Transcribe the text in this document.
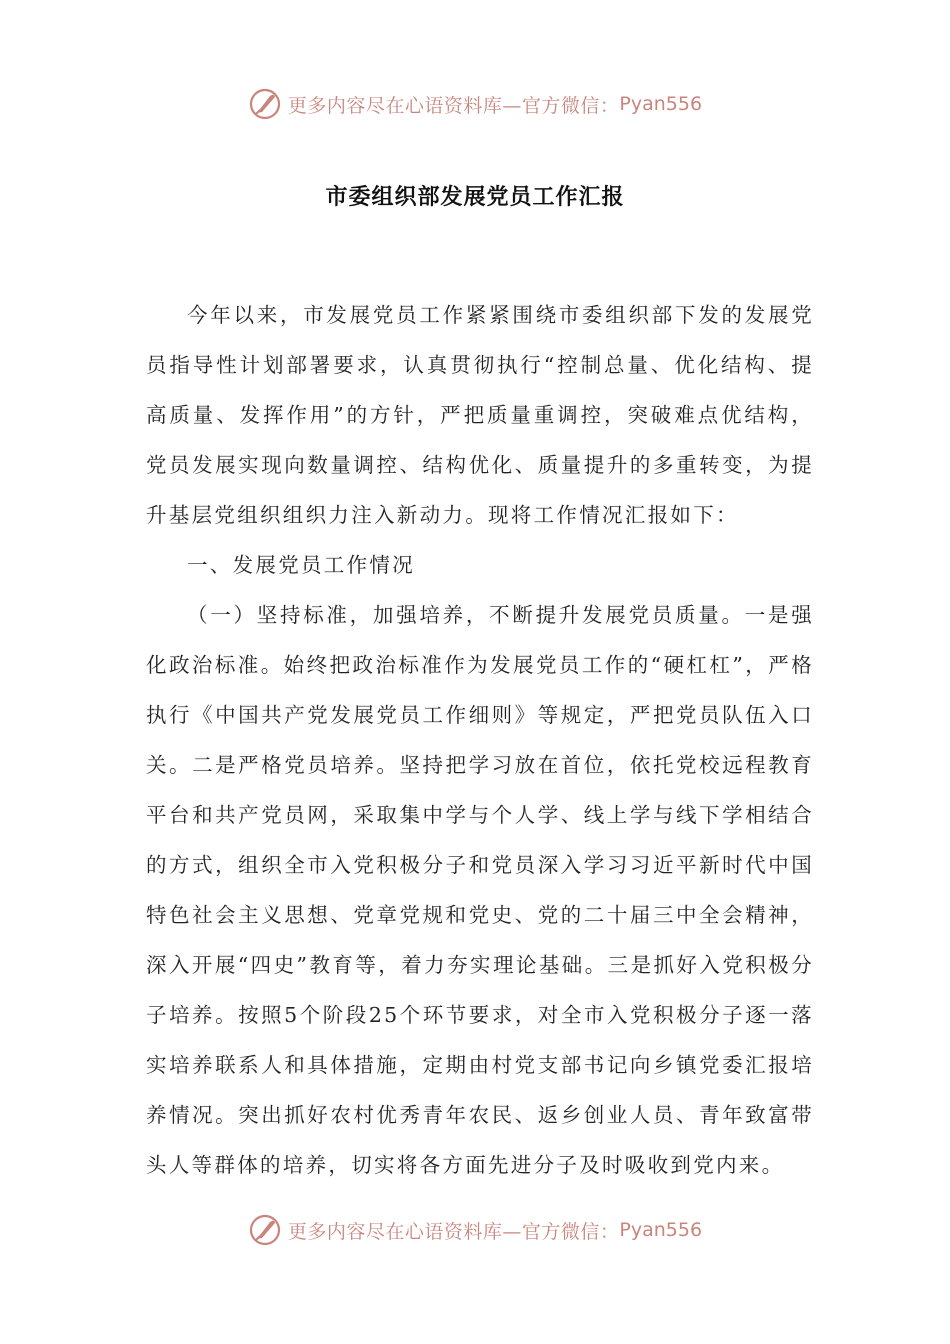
更多内容尽在心语资料库—官方微信： Pyan556
市委组织部发展党员工作汇报

今年以来，市发展党员工作紧紧围绕市委组织部下发的发展党员指导性计划部署要求，认真贯彻执行“控制总量、优化结构、提高质量、发挥作用”的方针，严把质量重调控，突破难点优结构，党员发展实现向数量调控、结构优化、质量提升的多重转变，为提升基层党组织组织力注入新动力。现将工作情况汇报如下：

一、发展党员工作情况

（一）坚持标准，加强培养，不断提升发展党员质量。一是强化政治标准。始终把政治标准作为发展党员工作的“硬杠杠”，严格执行《中国共产党发展党员工作细则》等规定，严把党员队伍入口关。二是严格党员培养。坚持把学习放在首位，依托党校远程教育平台和共产党员网，采取集中学与个人学、线上学与线下学相结合的方式，组织全市入党积极分子和党员深入学习习近平新时代中国特色社会主义思想、党章党规和党史、党的二十届三中全会精神，深入开展“四史”教育等，着力夯实理论基础。三是抓好入党积极分子培养。按照5个阶段25个环节要求，对全市入党积极分子逐一落实培养联系人和具体措施，定期由村党支部书记向乡镇党委汇报培养情况。突出抓好农村优秀青年农民、返乡创业人员、青年致富带头人等群体的培养，切实将各方面先进分子及时吸收到党内来。

更多内容尽在心语资料库—官方微信： Pyan556
